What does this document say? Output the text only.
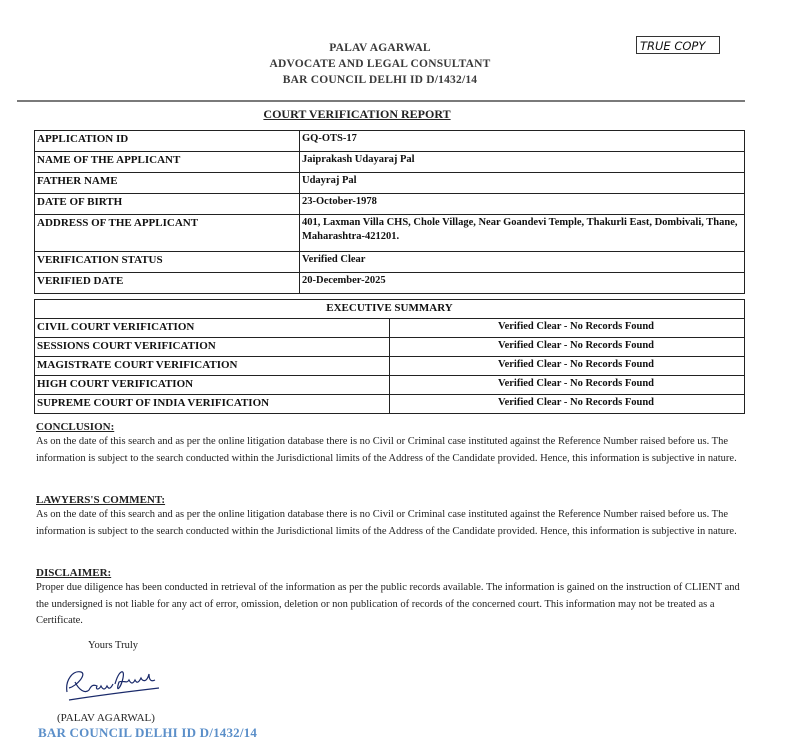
PALAV AGARWAL
ADVOCATE AND LEGAL CONSULTANT
BAR COUNCIL DELHI ID D/1432/14
TRUE COPY
COURT VERIFICATION REPORT
APPLICATION ID	GQ-OTS-17
NAME OF THE APPLICANT	Jaiprakash Udayaraj Pal
FATHER NAME	Udayraj Pal
DATE OF BIRTH	23-October-1978
ADDRESS OF THE APPLICANT	401, Laxman Villa CHS, Chole Village, Near Goandevi Temple, Thakurli East, Dombivali, Thane, Maharashtra-421201.
VERIFICATION STATUS	Verified Clear
VERIFIED DATE	20-December-2025
EXECUTIVE SUMMARY	
CIVIL COURT VERIFICATION	Verified Clear - No Records Found
SESSIONS COURT VERIFICATION	Verified Clear - No Records Found
MAGISTRATE COURT VERIFICATION	Verified Clear - No Records Found
HIGH COURT VERIFICATION	Verified Clear - No Records Found
SUPREME COURT OF INDIA VERIFICATION	Verified Clear - No Records Found
CONCLUSION:
As on the date of this search and as per the online litigation database there is no Civil or Criminal case instituted against the Reference Number raised before us. The information is subject to the search conducted within the Jurisdictional limits of the Address of the Candidate provided. Hence, this information is subjective in nature.
LAWYERS'S COMMENT:
As on the date of this search and as per the online litigation database there is no Civil or Criminal case instituted against the Reference Number raised before us. The information is subject to the search conducted within the Jurisdictional limits of the Address of the Candidate provided. Hence, this information is subjective in nature.
DISCLAIMER:
Proper due diligence has been conducted in retrieval of the information as per the public records available. The information is gained on the instruction of CLIENT and the undersigned is not liable for any act of error, omission, deletion or non publication of records of the concerned court. This information may not be treated as a Certificate.
Yours Truly
(PALAV AGARWAL)
BAR COUNCIL DELHI ID D/1432/14
